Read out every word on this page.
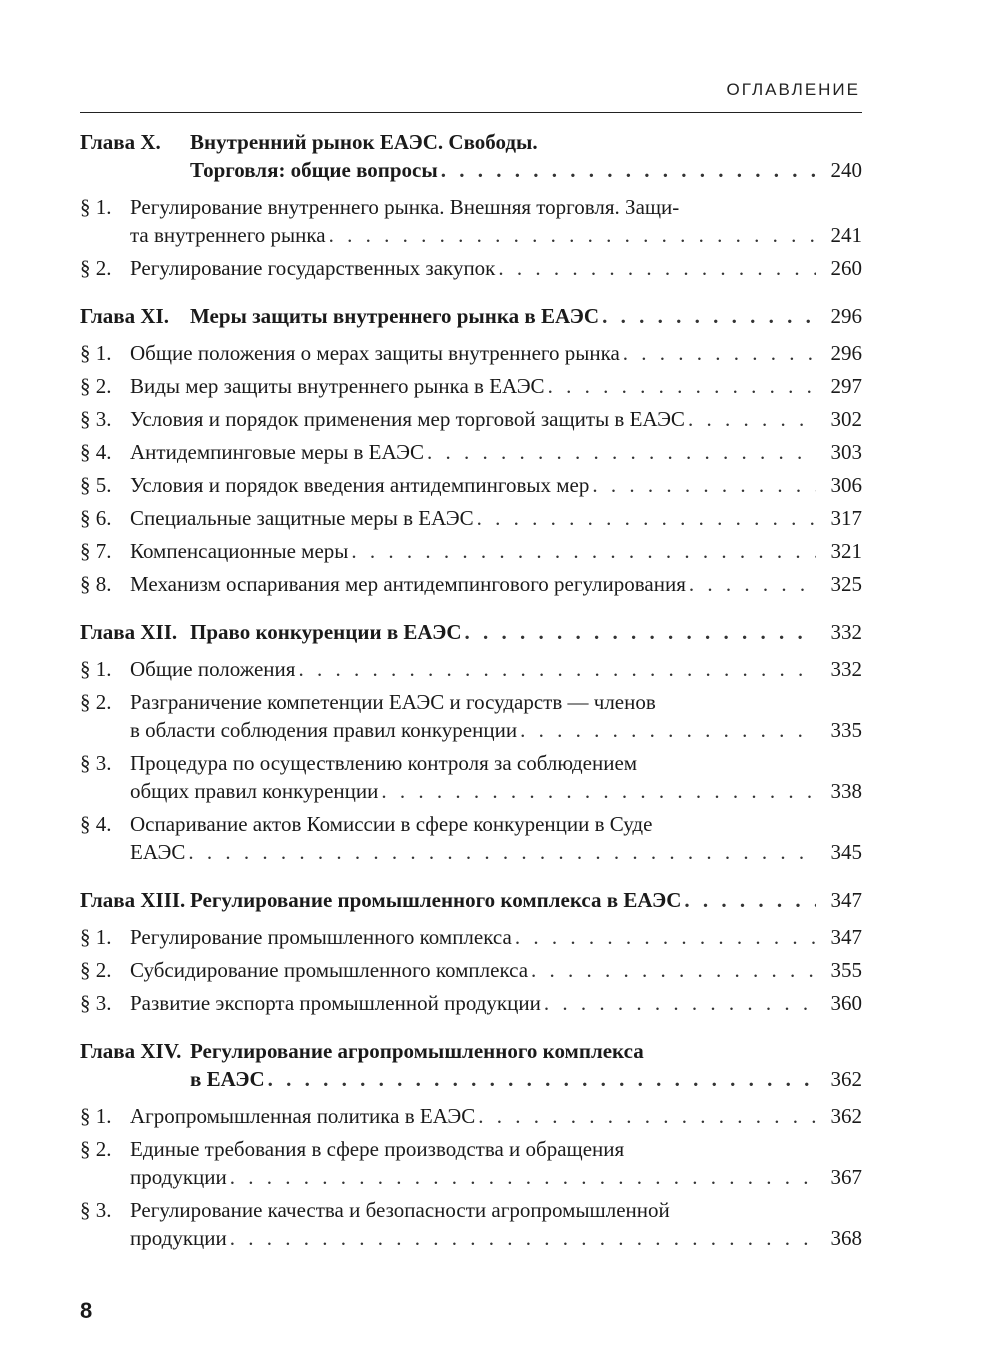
ОГЛАВЛЕНИЕ
Глава X.	Внутренний рынок ЕАЭС. Свободы.
Торговля: общие вопросы . . .	240
§ 1. Регулирование внутреннего рынка. Внешняя торговля. Защи-
та внутреннего рынка . . .	241
§ 2. Регулирование государственных закупок . . .	260
Глава XI.	Меры защиты внутреннего рынка в ЕАЭС . . .	296
§ 1. Общие положения о мерах защиты внутреннего рынка . . .	296
§ 2. Виды мер защиты внутреннего рынка в ЕАЭС . . .	297
§ 3. Условия и порядок применения мер торговой защиты в ЕАЭС . . .	302
§ 4. Антидемпинговые меры в ЕАЭС . . .	303
§ 5. Условия и порядок введения антидемпинговых мер . . .	306
§ 6. Специальные защитные меры в ЕАЭС . . .	317
§ 7. Компенсационные меры . . .	321
§ 8. Механизм оспаривания мер антидемпингового регулирования . . .	325
Глава XII. Право конкуренции в ЕАЭС . . .	332
§ 1. Общие положения . . .	332
§ 2. Разграничение компетенции ЕАЭС и государств — членов
в области соблюдения правил конкуренции . . .	335
§ 3. Процедура по осуществлению контроля за соблюдением
общих правил конкуренции . . .	338
§ 4. Оспаривание актов Комиссии в сфере конкуренции в Суде
ЕАЭС . . .	345
Глава XIII. Регулирование промышленного комплекса в ЕАЭС . . .	347
§ 1. Регулирование промышленного комплекса . . .	347
§ 2. Субсидирование промышленного комплекса . . .	355
§ 3. Развитие экспорта промышленной продукции . . .	360
Глава XIV. Регулирование агропромышленного комплекса
в ЕАЭС . . .	362
§ 1. Агропромышленная политика в ЕАЭС . . .	362
§ 2. Единые требования в сфере производства и обращения
продукции . . .	367
§ 3. Регулирование качества и безопасности агропромышленной
продукции . . .	368
8
